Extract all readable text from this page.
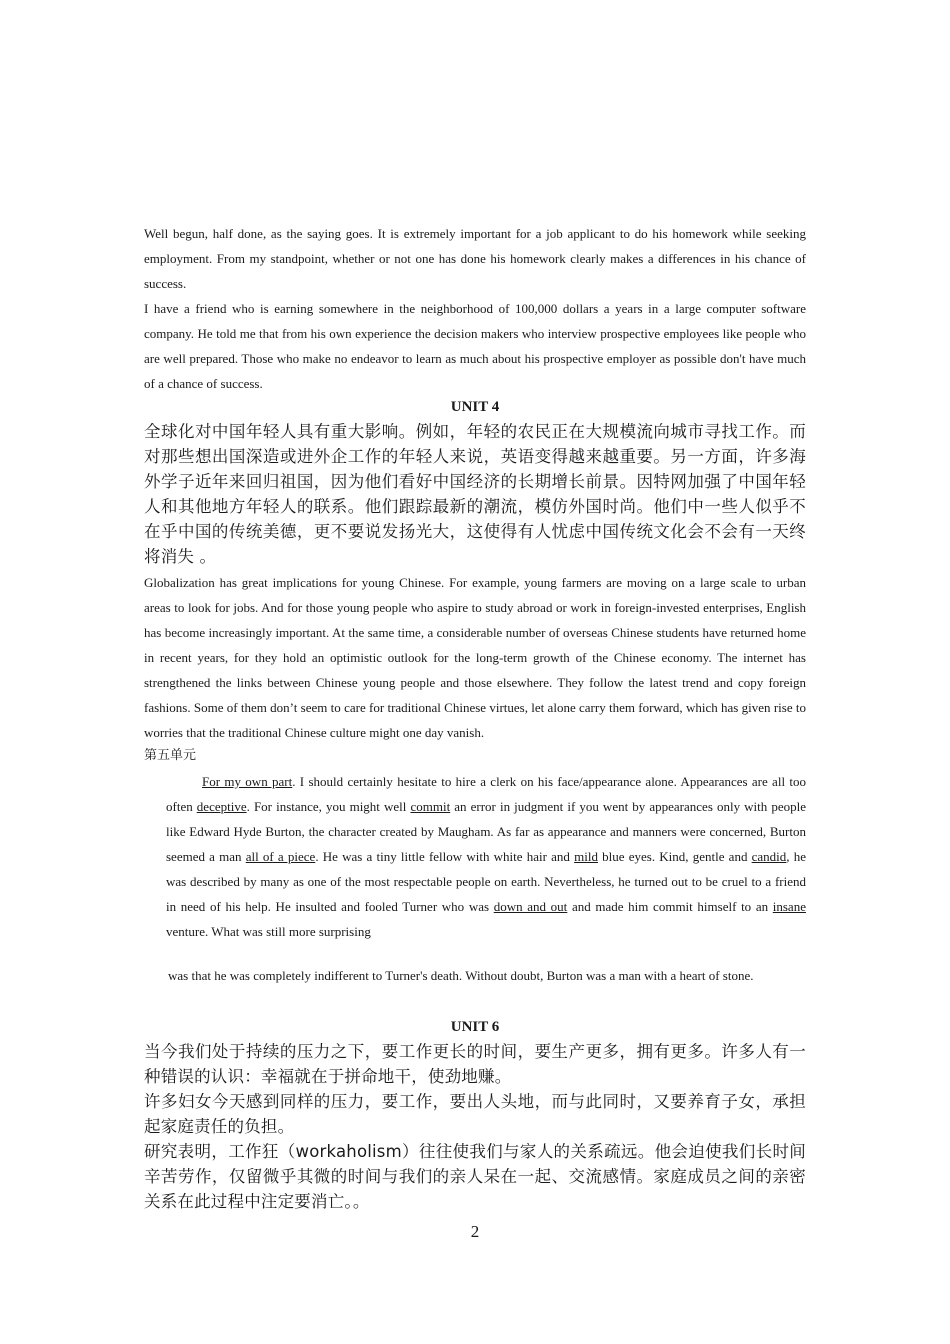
Well begun, half done, as the saying goes. It is extremely important for a job applicant to do his homework while seeking employment. From my standpoint, whether or not one has done his homework clearly makes a differences in his chance of success.

I have a friend who is earning somewhere in the neighborhood of 100,000 dollars a years in a large computer software company. He told me that from his own experience the decision makers who interview prospective employees like people who are well prepared. Those who make no endeavor to learn as much about his prospective employer as possible don't have much of a chance of success.

UNIT 4

全球化对中国年轻人具有重大影响。例如，年轻的农民正在大规模流向城市寻找工作。而对那些想出国深造或进外企工作的年轻人来说，英语变得越来越重要。另一方面，许多海外学子近年来回归祖国，因为他们看好中国经济的长期增长前景。因特网加强了中国年轻人和其他地方年轻人的联系。他们跟踪最新的潮流，模仿外国时尚。他们中一些人似乎不在乎中国的传统美德，更不要说发扬光大，这使得有人忧虑中国传统文化会不会有一天终将消失 。

Globalization has great implications for young Chinese. For example, young farmers are moving on a large scale to urban areas to look for jobs. And for those young people who aspire to study abroad or work in foreign-invested enterprises, English has become increasingly important. At the same time, a considerable number of overseas Chinese students have returned home in recent years, for they hold an optimistic outlook for the long-term growth of the Chinese economy. The internet has strengthened the links between Chinese young people and those elsewhere. They follow the latest trend and copy foreign fashions. Some of them don’t seem to care for traditional Chinese virtues, let alone carry them forward, which has given rise to worries that the traditional Chinese culture might one day vanish.

第五单元

For my own part. I should certainly hesitate to hire a clerk on his face/appearance alone. Appearances are all too often deceptive. For instance, you might well commit an error in judgment if you went by appearances only with people like Edward Hyde Burton, the character created by Maugham. As far as appearance and manners were concerned, Burton seemed a man all of a piece. He was a tiny little fellow with white hair and mild blue eyes. Kind, gentle and candid, he was described by many as one of the most respectable people on earth. Nevertheless, he turned out to be cruel to a friend in need of his help. He insulted and fooled Turner who was down and out and made him commit himself to an insane venture. What was still more surprising

was that he was completely indifferent to Turner's death. Without doubt, Burton was a man with a heart of stone.
UNIT 6

当今我们处于持续的压力之下，要工作更长的时间，要生产更多，拥有更多。许多人有一种错误的认识：幸福就在于拼命地干，使劲地赚。

许多妇女今天感到同样的压力，要工作，要出人头地，而与此同时，又要养育子女，承担起家庭责任的负担。

研究表明，工作狂（workaholism）往往使我们与家人的关系疏远。他会迫使我们长时间辛苦劳作，仅留微乎其微的时间与我们的亲人呆在一起、交流感情。家庭成员之间的亲密关系在此过程中注定要消亡。。

2
